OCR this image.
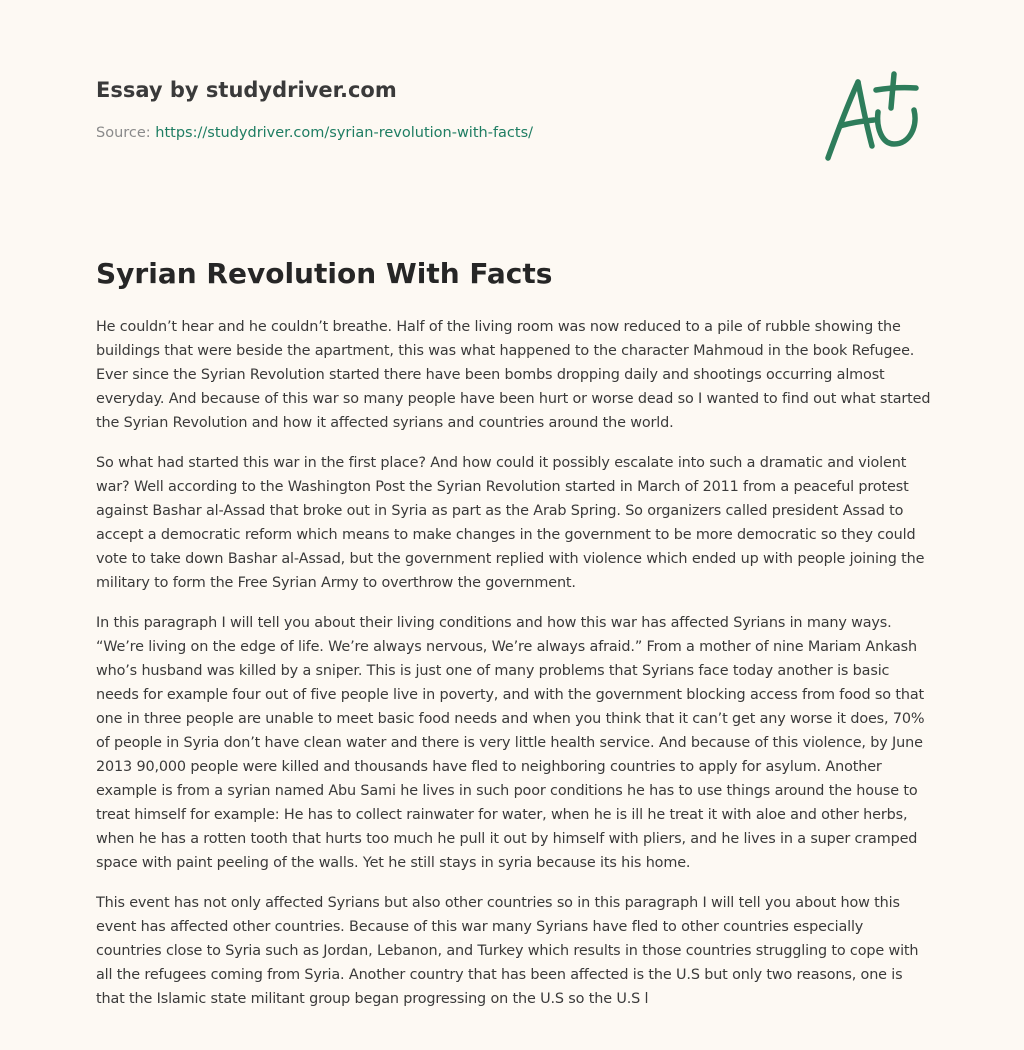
Essay by studydriver.com
Source: https://studydriver.com/syrian-revolution-with-facts/
Syrian Revolution With Facts

He couldn’t hear and he couldn’t breathe. Half of the living room was now reduced to a pile of rubble showing the buildings that were beside the apartment, this was what happened to the character Mahmoud in the book Refugee. Ever since the Syrian Revolution started there have been bombs dropping daily and shootings occurring almost everyday. And because of this war so many people have been hurt or worse dead so I wanted to find out what started the Syrian Revolution and how it affected syrians and countries around the world.

So what had started this war in the first place? And how could it possibly escalate into such a dramatic and violent war? Well according to the Washington Post the Syrian Revolution started in March of 2011 from a peaceful protest against Bashar al-Assad that broke out in Syria as part as the Arab Spring. So organizers called president Assad to accept a democratic reform which means to make changes in the government to be more democratic so they could vote to take down Bashar al-Assad, but the government replied with violence which ended up with people joining the military to form the Free Syrian Army to overthrow the government.

In this paragraph I will tell you about their living conditions and how this war has affected Syrians in many ways. “We’re living on the edge of life. We’re always nervous, We’re always afraid.” From a mother of nine Mariam Ankash who’s husband was killed by a sniper. This is just one of many problems that Syrians face today another is basic needs for example four out of five people live in poverty, and with the government blocking access from food so that one in three people are unable to meet basic food needs and when you think that it can’t get any worse it does, 70% of people in Syria don’t have clean water and there is very little health service. And because of this violence, by June 2013 90,000 people were killed and thousands have fled to neighboring countries to apply for asylum. Another example is from a syrian named Abu Sami he lives in such poor conditions he has to use things around the house to treat himself for example: He has to collect rainwater for water, when he is ill he treat it with aloe and other herbs, when he has a rotten tooth that hurts too much he pull it out by himself with pliers, and he lives in a super cramped space with paint peeling of the walls. Yet he still stays in syria because its his home.

This event has not only affected Syrians but also other countries so in this paragraph I will tell you about how this event has affected other countries. Because of this war many Syrians have fled to other countries especially countries close to Syria such as Jordan, Lebanon, and Turkey which results in those countries struggling to cope with all the refugees coming from Syria. Another country that has been affected is the U.S but only two reasons, one is that the Islamic state militant group began progressing on the U.S so the U.S l
